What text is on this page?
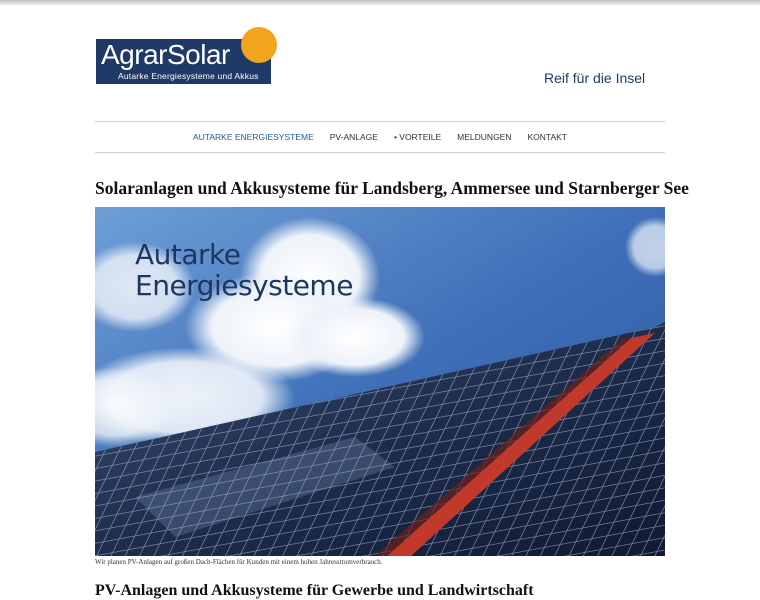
AgrarSolar
Autarke Energiesysteme und Akkus	Reif für die Insel
AUTARKE ENERGIESYSTEME PV-ANLAGE • VORTEILE MELDUNGEN KONTAKT
Solaranlagen und Akkusysteme für Landsberg, Ammersee und Starnberger See
Autarke
Energiesysteme

Wir planen PV-Anlagen auf großen Dach-Flächen für Kunden mit einem hohen Jahresstromverbrauch.

PV-Anlagen und Akkusysteme für Gewerbe und Landwirtschaft
